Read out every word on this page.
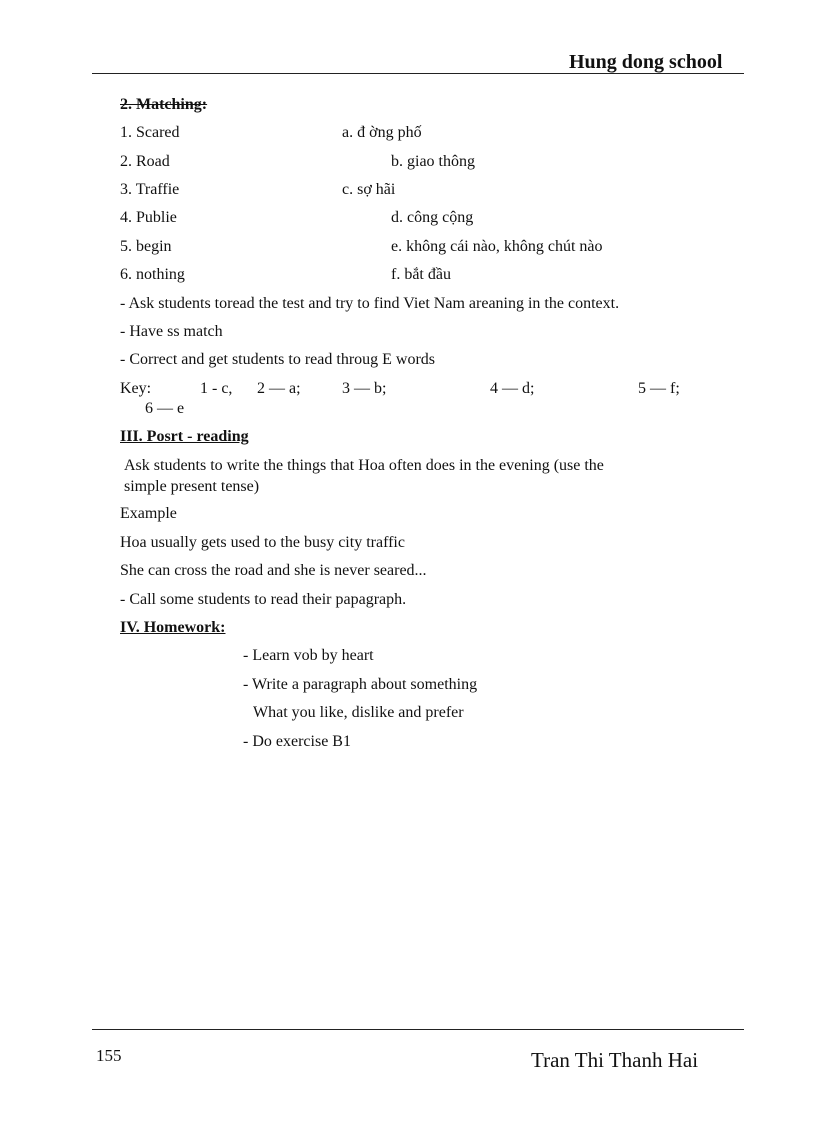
Hung dong school
2. Matching:
1. Scared	a. đ ờng phố
2. Road	b. giao thông
3. Traffie	c. sợ hãi
4. Publie	d. công cộng
5. begin	e. không cái nào, không chút nào
6. nothing	f. bắt đầu
- Ask students toread the test and try to find Viet Nam areaning in the context.
- Have ss match
- Correct and get students to read throug E words
Key:	1 - c, 2 — a;	3 — b;	4 — d;	5 — f;
6 — e
III. Posrt - reading
Ask students to write the things that Hoa often does in the evening (use the
simple present tense)
Example
Hoa usually gets used to the busy city traffic
She can cross the road and she is never seared...
- Call some students to read their papagraph.
IV. Homework:
- Learn vob by heart
- Write a paragraph about something
What you like, dislike and prefer
- Do exercise B1
155	Tran Thi Thanh Hai
